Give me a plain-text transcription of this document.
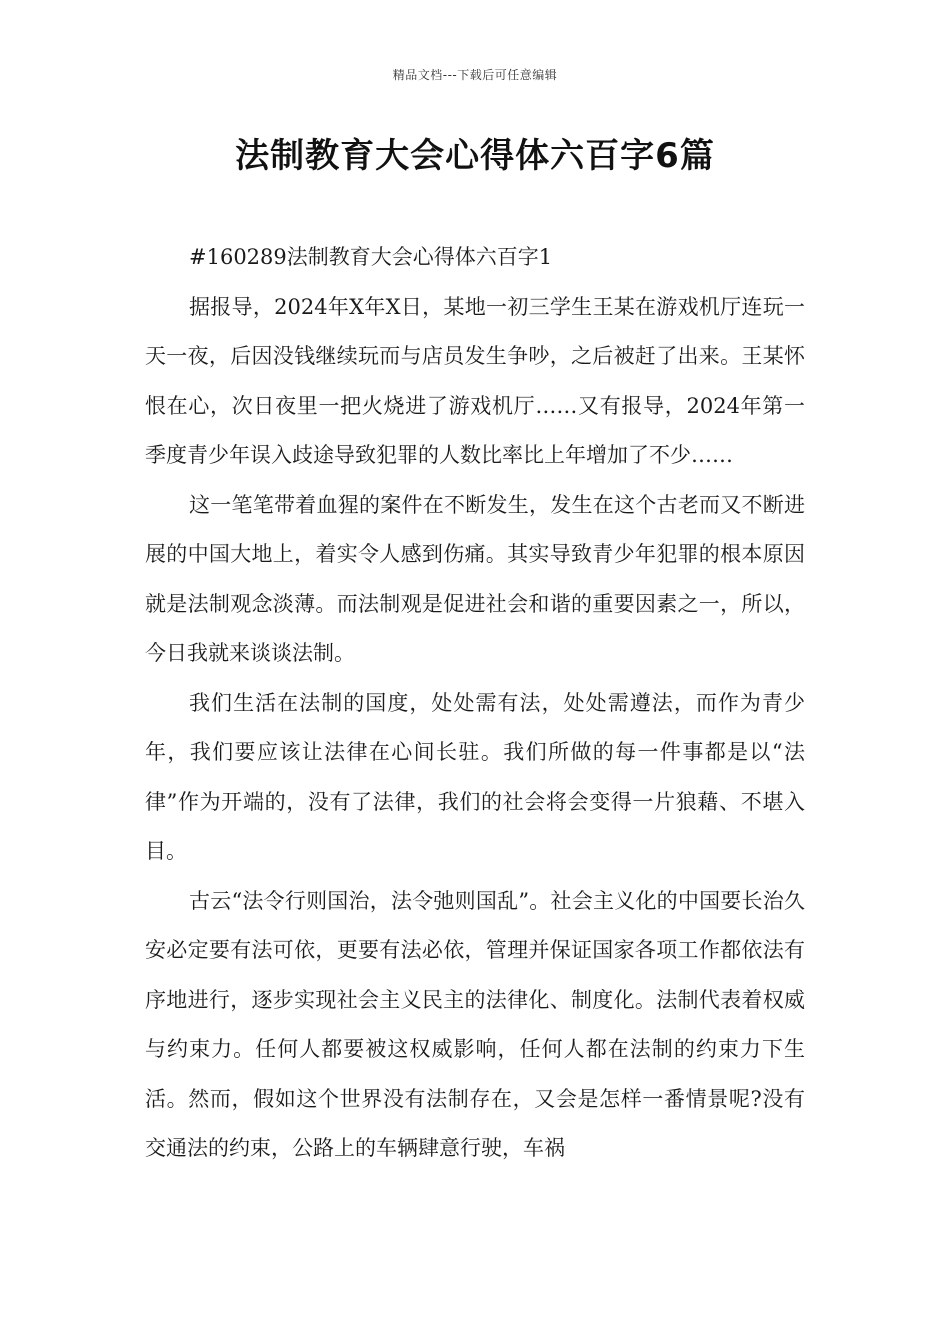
精品文档---下载后可任意编辑
法制教育大会心得体六百字6篇

#160289法制教育大会心得体六百字1

据报导，2024年X年X日，某地一初三学生王某在游戏机厅连玩一天一夜，后因没钱继续玩而与店员发生争吵，之后被赶了出来。王某怀恨在心，次日夜里一把火烧进了游戏机厅……又有报导，2024年第一季度青少年误入歧途导致犯罪的人数比率比上年增加了不少……

这一笔笔带着血猩的案件在不断发生，发生在这个古老而又不断进展的中国大地上，着实令人感到伤痛。其实导致青少年犯罪的根本原因就是法制观念淡薄。而法制观是促进社会和谐的重要因素之一，所以，今日我就来谈谈法制。

我们生活在法制的国度，处处需有法，处处需遵法，而作为青少年，我们要应该让法律在心间长驻。我们所做的每一件事都是以“法律”作为开端的，没有了法律，我们的社会将会变得一片狼藉、不堪入目。

古云“法令行则国治，法令弛则国乱”。社会主义化的中国要长治久安必定要有法可依，更要有法必依，管理并保证国家各项工作都依法有序地进行，逐步实现社会主义民主的法律化、制度化。法制代表着权威与约束力。任何人都要被这权威影响，任何人都在法制的约束力下生活。然而，假如这个世界没有法制存在，又会是怎样一番情景呢?没有交通法的约束，公路上的车辆肆意行驶，车祸
